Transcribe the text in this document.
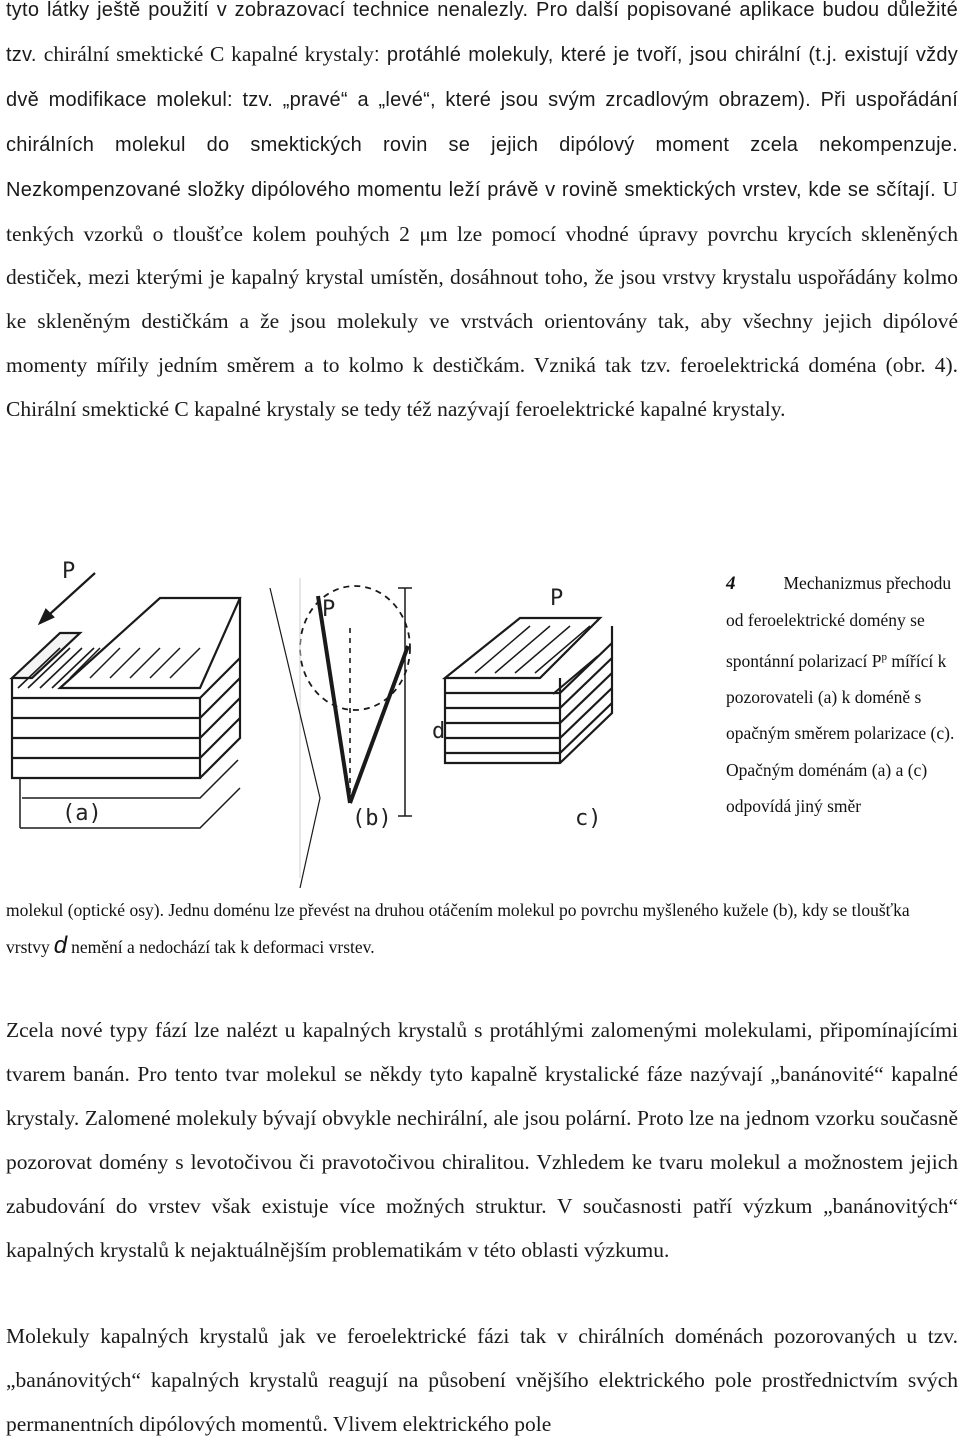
tyto látky ještě použití v zobrazovací technice nenalezly. Pro další popisované aplikace budou důležité tzv. chirální smektické C kapalné krystaly: protáhlé molekuly, které je tvoří, jsou chirální (t.j. existují vždy dvě modifikace molekul: tzv. „pravé“ a „levé“, které jsou svým zrcadlovým obrazem). Při uspořádání chirálních molekul do smektických rovin se jejich dipólový moment zcela nekompenzuje. Nezkompenzované složky dipólového momentu leží právě v rovině smektických vrstev, kde se sčítají. U tenkých vzorků o tloušťce kolem pouhých 2 μm lze pomocí vhodné úpravy povrchu krycích skleněných destiček, mezi kterými je kapalný krystal umístěn, dosáhnout toho, že jsou vrstvy krystalu uspořádány kolmo ke skleněným destičkám a že jsou molekuly ve vrstvách orientovány tak, aby všechny jejich dipólové momenty mířily jedním směrem a to kolmo k destičkám. Vzniká tak tzv. feroelektrická doména (obr. 4). Chirální smektické C kapalné krystaly se tedy též nazývají feroelektrické kapalné krystaly.

P
P	P
d
(a)	(b)	c)

4	Mechanizmus přechodu od feroelektrické domény se spontánní polarizací $P^p$ mířící k pozorovateli (a) k doméně s opačným směrem polarizace (c). Opačným doménám (a) a (c) odpovídá jiný směr

molekul (optické osy). Jednu doménu lze převést na druhou otáčením molekul po povrchu myšleného kužele (b), kdy se tloušťka vrstvy d nemění a nedochází tak k deformaci vrstev.

Zcela nové typy fází lze nalézt u kapalných krystalů s protáhlými zalomenými molekulami, připomínajícími tvarem banán. Pro tento tvar molekul se někdy tyto kapalně krystalické fáze nazývají „banánovité“ kapalné krystaly. Zalomené molekuly bývají obvykle nechirální, ale jsou polární. Proto lze na jednom vzorku současně pozorovat domény s levotočivou či pravotočivou chiralitou. Vzhledem ke tvaru molekul a možnostem jejich zabudování do vrstev však existuje více možných struktur. V současnosti patří výzkum „banánovitých“ kapalných krystalů k nejaktuálnějším problematikám v této oblasti výzkumu.

Molekuly kapalných krystalů jak ve feroelektrické fázi tak v chirálních doménách pozorovaných u tzv. „banánovitých“ kapalných krystalů reagují na působení vnějšího elektrického pole prostřednictvím svých permanentních dipólových momentů. Vlivem elektrického pole
